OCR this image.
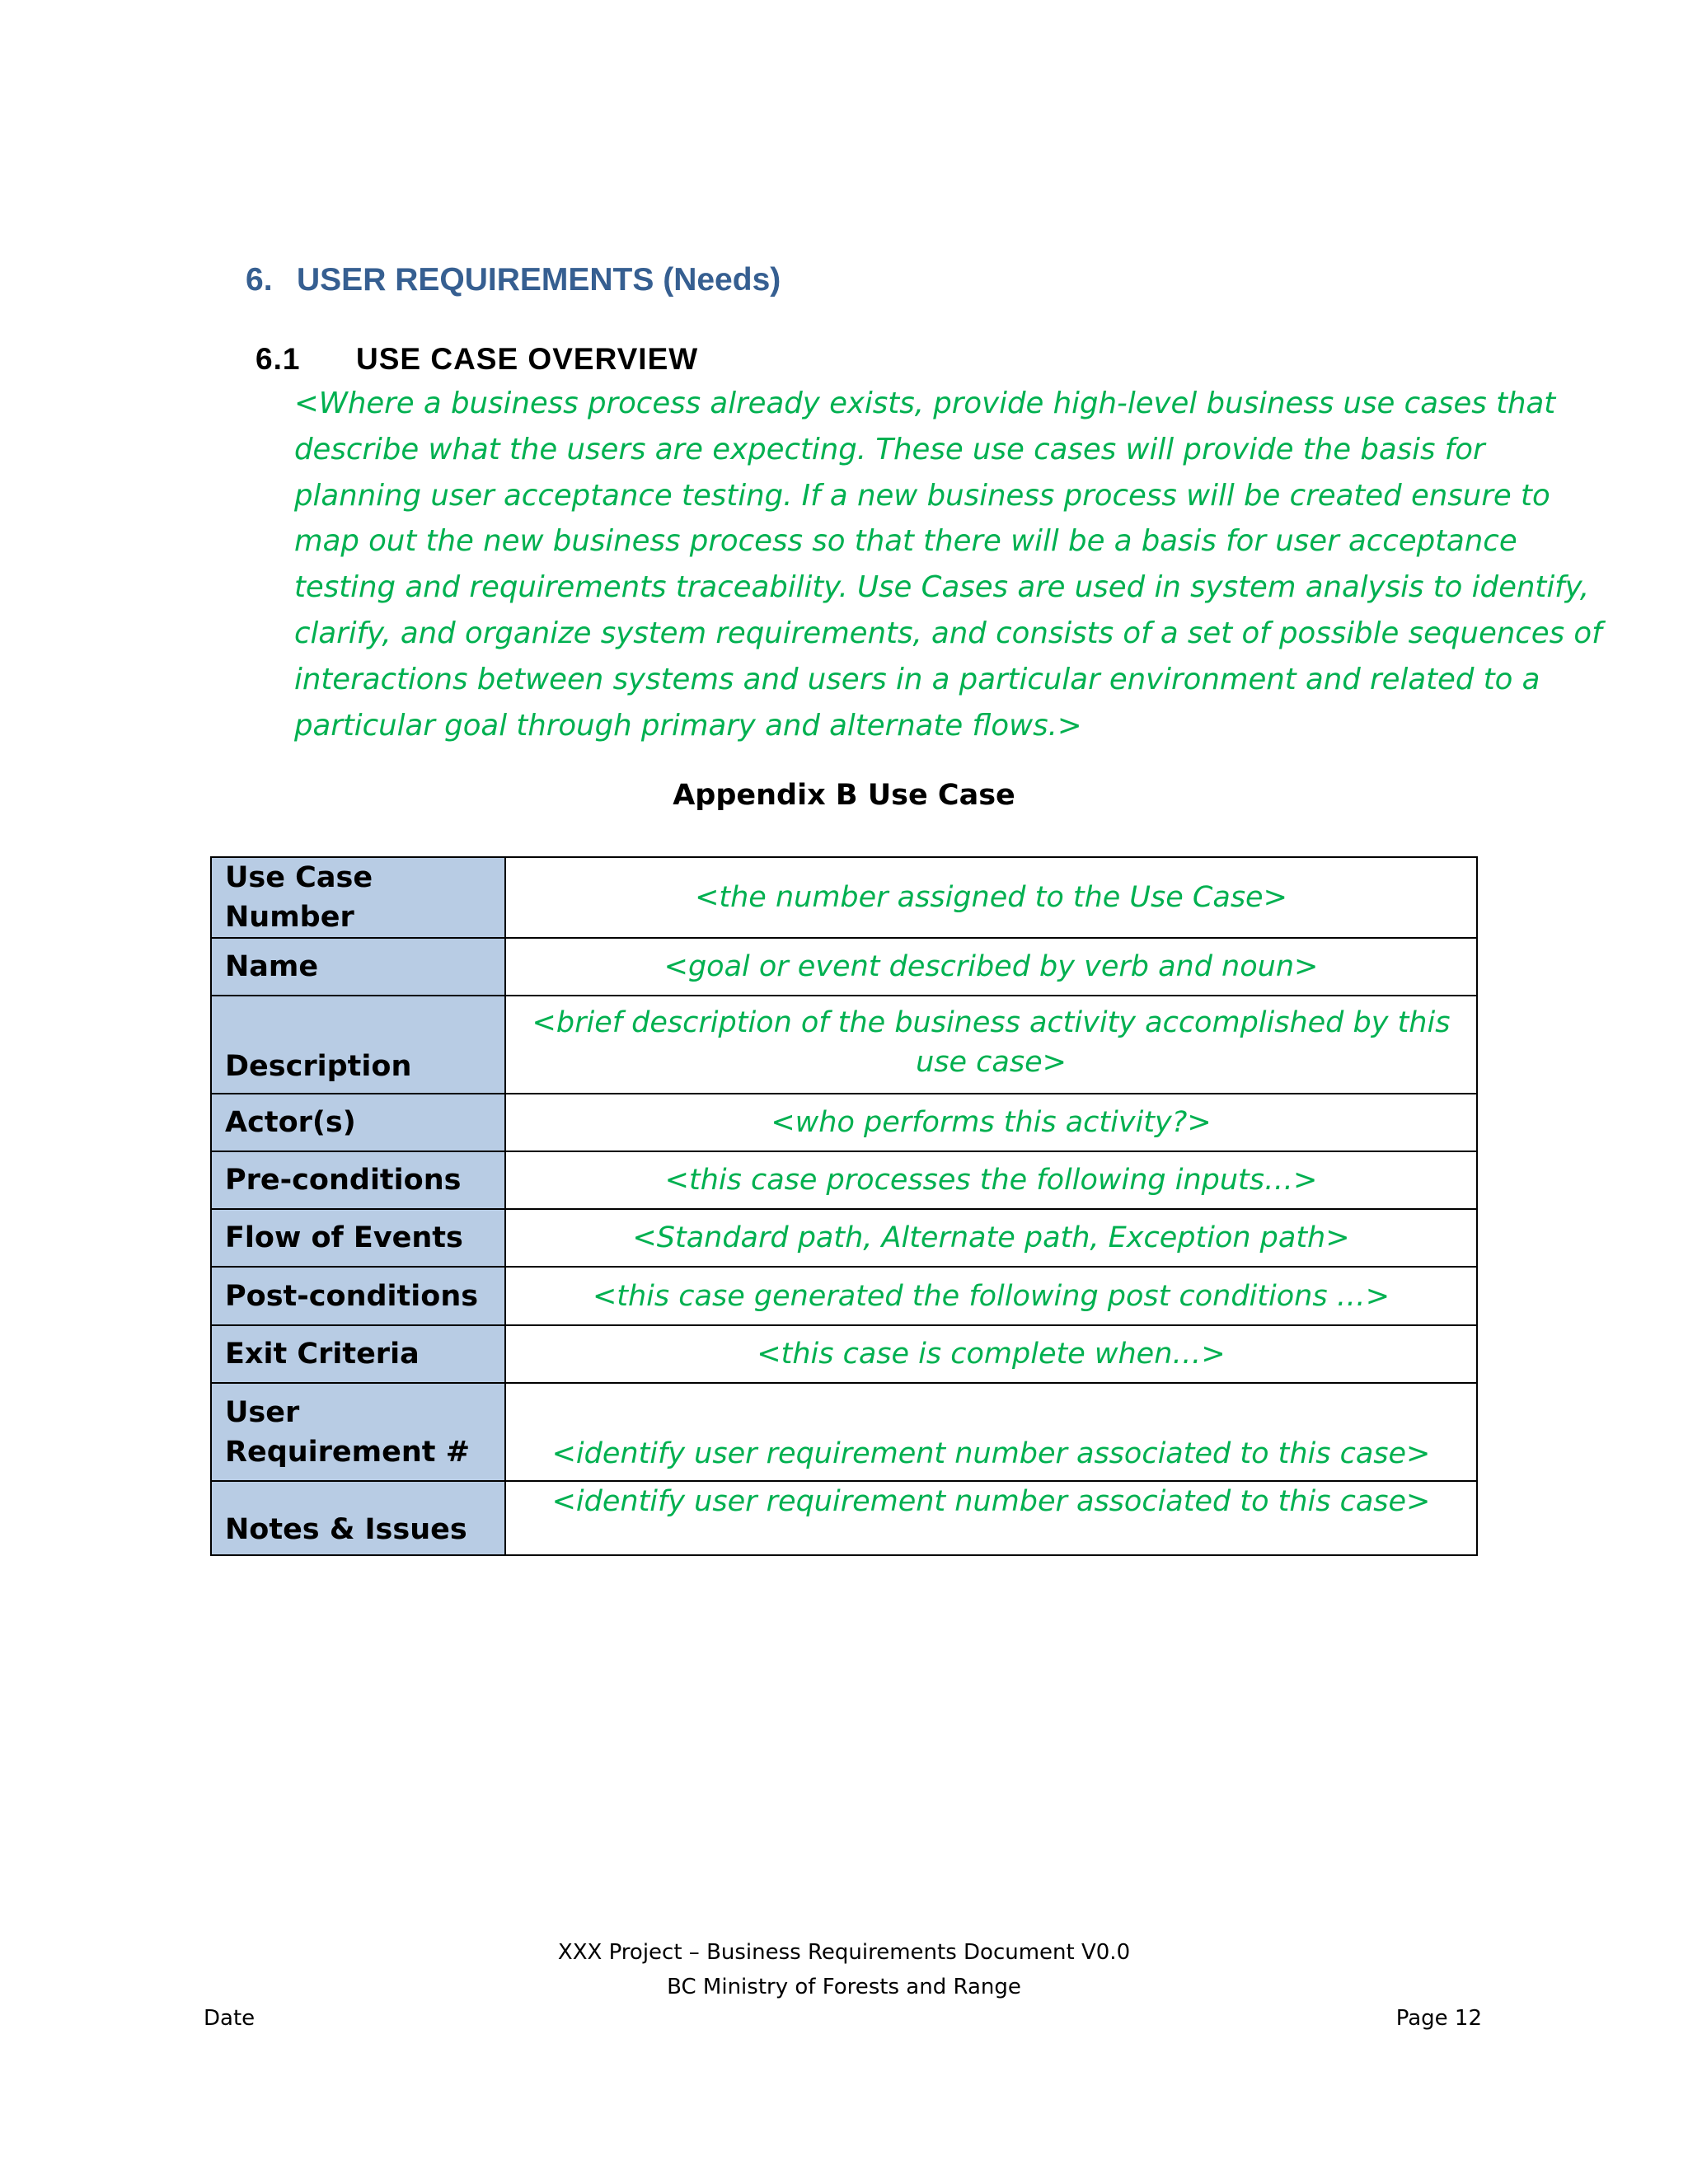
6. USER REQUIREMENTS (Needs)
6.1 USE CASE OVERVIEW
<Where a business process already exists, provide high-level business use cases that
describe what the users are expecting. These use cases will provide the basis for
planning user acceptance testing. If a new business process will be created ensure to
map out the new business process so that there will be a basis for user acceptance
testing and requirements traceability. Use Cases are used in system analysis to identify,
clarify, and organize system requirements, and consists of a set of possible sequences of
interactions between systems and users in a particular environment and related to a
particular goal through primary and alternate flows.>
Appendix B Use Case
Use Case Number	<the number assigned to the Use Case>
Name	<goal or event described by verb and noun>
Description	<brief description of the business activity accomplished by this use case>
Actor(s)	<who performs this activity?>
Pre-conditions	<this case processes the following inputs…>
Flow of Events	<Standard path, Alternate path, Exception path>
Post-conditions	<this case generated the following post conditions …>
Exit Criteria	<this case is complete when…>
User Requirement #	<identify user requirement number associated to this case>
Notes & Issues	<identify user requirement number associated to this case>
XXX Project – Business Requirements Document V0.0
BC Ministry of Forests and Range
Date	Page 12
